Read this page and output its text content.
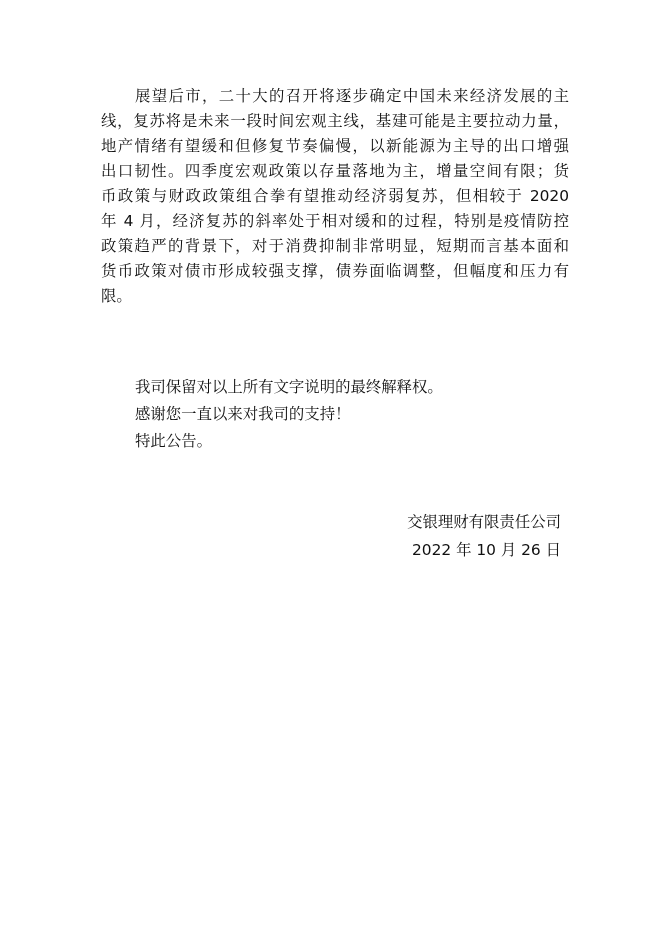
展望后市，二十大的召开将逐步确定中国未来经济发展的主
线，复苏将是未来一段时间宏观主线，基建可能是主要拉动力量，
地产情绪有望缓和但修复节奏偏慢，以新能源为主导的出口增强
出口韧性。四季度宏观政策以存量落地为主，增量空间有限；货
币政策与财政政策组合拳有望推动经济弱复苏，但相较于 2020
年 4 月，经济复苏的斜率处于相对缓和的过程，特别是疫情防控
政策趋严的背景下，对于消费抑制非常明显，短期而言基本面和
货币政策对债市形成较强支撑，债券面临调整，但幅度和压力有
限。
我司保留对以上所有文字说明的最终解释权。
感谢您一直以来对我司的支持！
特此公告。
交银理财有限责任公司
2022 年 10 月 26 日
